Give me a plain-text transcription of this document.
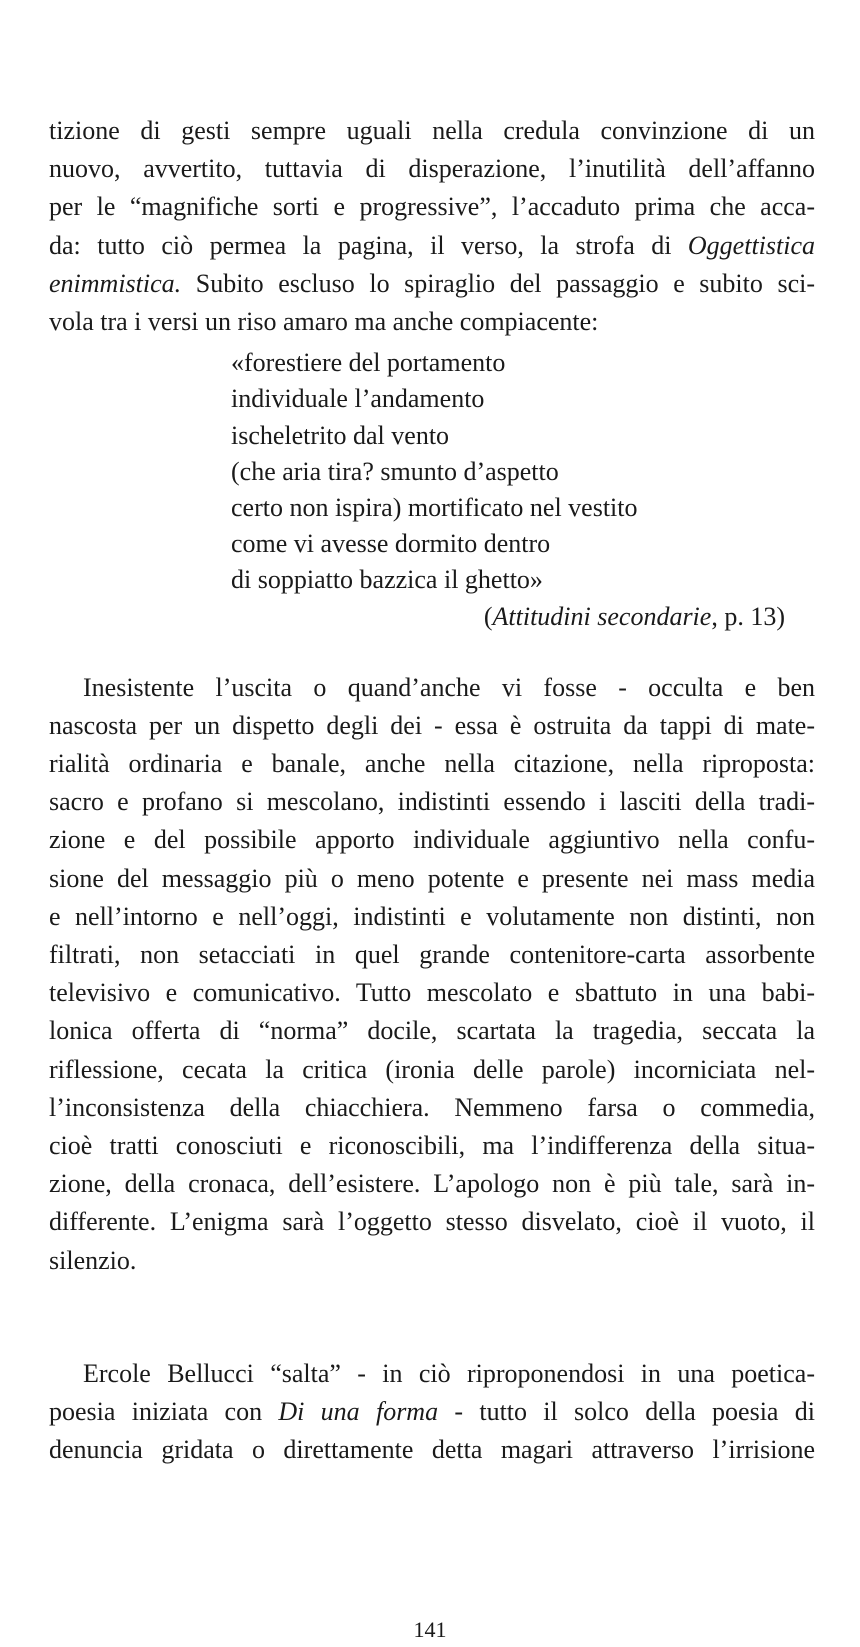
tizione di gesti sempre uguali nella credula convinzione di un
nuovo, avvertito, tuttavia di disperazione, l’inutilità dell’affanno
per le “magnifiche sorti e progressive”, l’accaduto prima che acca-
da: tutto ciò permea la pagina, il verso, la strofa di Oggettistica
enimmistica. Subito escluso lo spiraglio del passaggio e subito sci-
vola tra i versi un riso amaro ma anche compiacente:

«forestiere del portamento
individuale l’andamento
ischeletrito dal vento
(che aria tira? smunto d’aspetto
certo non ispira) mortificato nel vestito
come vi avesse dormito dentro
di soppiatto bazzica il ghetto»
(Attitudini secondarie, p. 13)

Inesistente l’uscita o quand’anche vi fosse - occulta e ben
nascosta per un dispetto degli dei - essa è ostruita da tappi di mate-
rialità ordinaria e banale, anche nella citazione, nella riproposta:
sacro e profano si mescolano, indistinti essendo i lasciti della tradi-
zione e del possibile apporto individuale aggiuntivo nella confu-
sione del messaggio più o meno potente e presente nei mass media
e nell’intorno e nell’oggi, indistinti e volutamente non distinti, non
filtrati, non setacciati in quel grande contenitore-carta assorbente
televisivo e comunicativo. Tutto mescolato e sbattuto in una babi-
lonica offerta di “norma” docile, scartata la tragedia, seccata la
riflessione, cecata la critica (ironia delle parole) incorniciata nel-
l’inconsistenza della chiacchiera. Nemmeno farsa o commedia,
cioè tratti conosciuti e riconoscibili, ma l’indifferenza della situa-
zione, della cronaca, dell’esistere. L’apologo non è più tale, sarà in-
differente. L’enigma sarà l’oggetto stesso disvelato, cioè il vuoto, il
silenzio.

Ercole Bellucci “salta” - in ciò riproponendosi in una poetica-
poesia iniziata con Di una forma - tutto il solco della poesia di
denuncia gridata o direttamente detta magari attraverso l’irrisione

141
